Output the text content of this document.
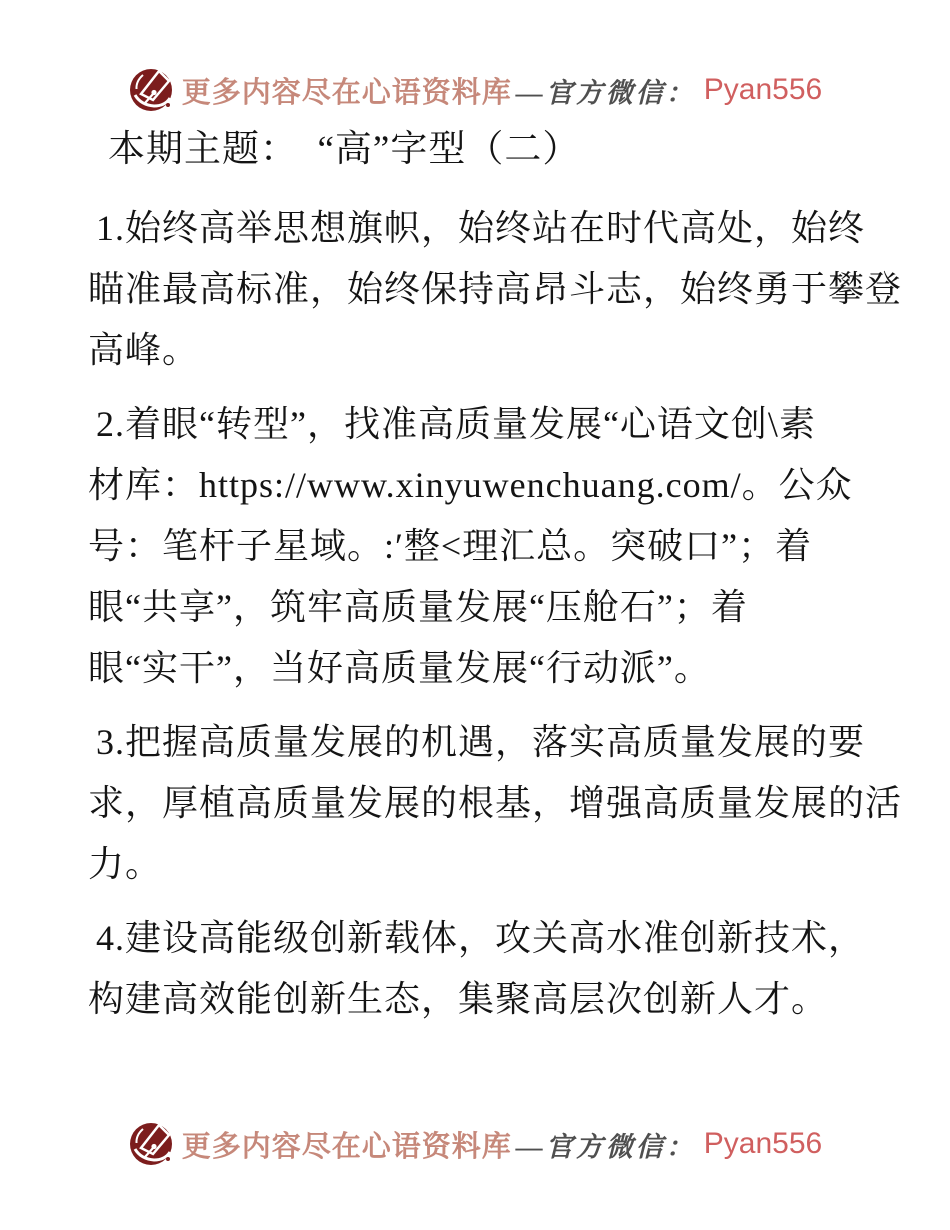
更多内容尽在心语资料库 —官方微信： Pyan556
本期主题：　“高”字型（二）
1.始终高举思想旗帜，始终站在时代高处，始终
瞄准最高标准，始终保持高昂斗志，始终勇于攀登
高峰。
2.着眼“转型”，找准高质量发展“心语文创\素
材库：https://www.xinyuwenchuang.com/。公众
号：笔杆子星域。:′整<理汇总。突破口”；着
眼“共享”，筑牢高质量发展“压舱石”；着
眼“实干”，当好高质量发展“行动派”。
3.把握高质量发展的机遇，落实高质量发展的要
求，厚植高质量发展的根基，增强高质量发展的活
力。
4.建设高能级创新载体，攻关高水准创新技术，
构建高效能创新生态，集聚高层次创新人才。
更多内容尽在心语资料库 —官方微信： Pyan556
